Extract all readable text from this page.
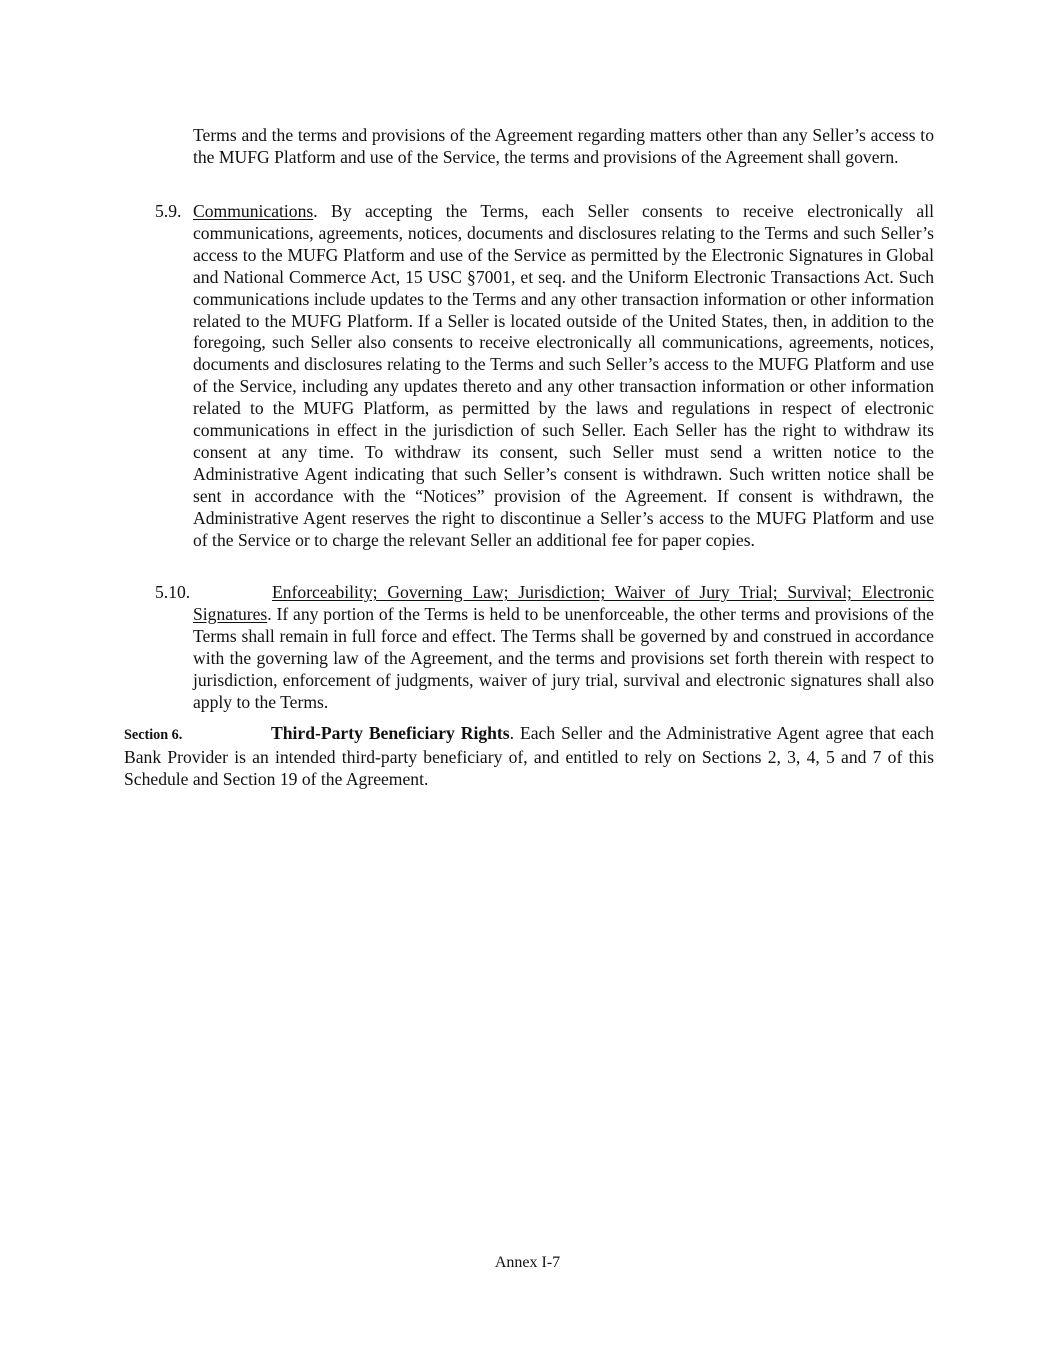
Terms and the terms and provisions of the Agreement regarding matters other than any Seller’s access to the MUFG Platform and use of the Service, the terms and provisions of the Agreement shall govern.
5.9. Communications. By accepting the Terms, each Seller consents to receive electronically all communications, agreements, notices, documents and disclosures relating to the Terms and such Seller’s access to the MUFG Platform and use of the Service as permitted by the Electronic Signatures in Global and National Commerce Act, 15 USC §7001, et seq. and the Uniform Electronic Transactions Act. Such communications include updates to the Terms and any other transaction information or other information related to the MUFG Platform. If a Seller is located outside of the United States, then, in addition to the foregoing, such Seller also consents to receive electronically all communications, agreements, notices, documents and disclosures relating to the Terms and such Seller’s access to the MUFG Platform and use of the Service, including any updates thereto and any other transaction information or other information related to the MUFG Platform, as permitted by the laws and regulations in respect of electronic communications in effect in the jurisdiction of such Seller. Each Seller has the right to withdraw its consent at any time. To withdraw its consent, such Seller must send a written notice to the Administrative Agent indicating that such Seller’s consent is withdrawn. Such written notice shall be sent in accordance with the “Notices” provision of the Agreement. If consent is withdrawn, the Administrative Agent reserves the right to discontinue a Seller’s access to the MUFG Platform and use of the Service or to charge the relevant Seller an additional fee for paper copies.
5.10.	Enforceability; Governing Law; Jurisdiction; Waiver of Jury Trial; Survival; Electronic Signatures. If any portion of the Terms is held to be unenforceable, the other terms and provisions of the Terms shall remain in full force and effect. The Terms shall be governed by and construed in accordance with the governing law of the Agreement, and the terms and provisions set forth therein with respect to jurisdiction, enforcement of judgments, waiver of jury trial, survival and electronic signatures shall also apply to the Terms.
Section 6.	Third-Party Beneficiary Rights. Each Seller and the Administrative Agent agree that each Bank Provider is an intended third-party beneficiary of, and entitled to rely on Sections 2, 3, 4, 5 and 7 of this Schedule and Section 19 of the Agreement.
Annex I-7
